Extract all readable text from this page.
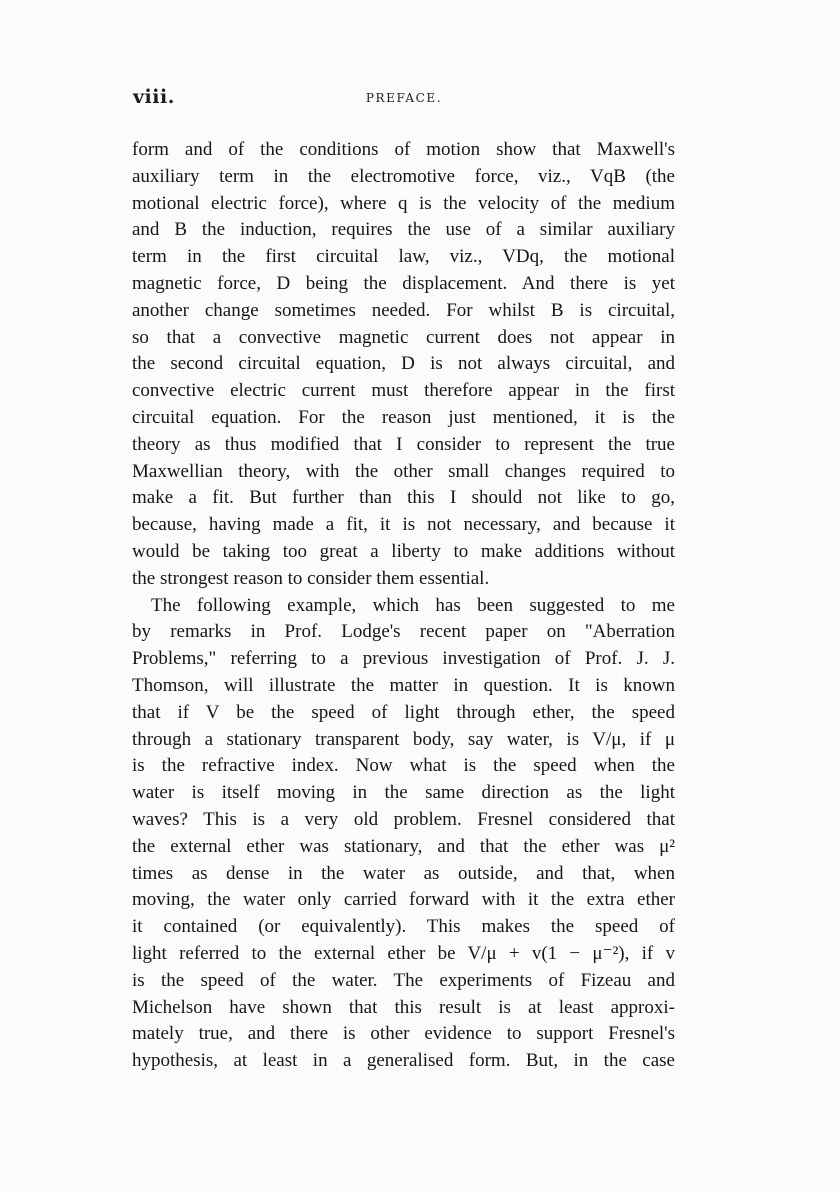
viii.	PREFACE.
form and of the conditions of motion show that Maxwell's
auxiliary term in the electromotive force, viz., VqB (the
motional electric force), where q is the velocity of the medium
and B the induction, requires the use of a similar auxiliary
term in the first circuital law, viz., VDq, the motional
magnetic force, D being the displacement. And there is yet
another change sometimes needed. For whilst B is circuital,
so that a convective magnetic current does not appear in
the second circuital equation, D is not always circuital, and
convective electric current must therefore appear in the first
circuital equation. For the reason just mentioned, it is the
theory as thus modified that I consider to represent the true
Maxwellian theory, with the other small changes required to
make a fit. But further than this I should not like to go,
because, having made a fit, it is not necessary, and because it
would be taking too great a liberty to make additions without
the strongest reason to consider them essential.
The following example, which has been suggested to me
by remarks in Prof. Lodge's recent paper on "Aberration
Problems," referring to a previous investigation of Prof. J. J.
Thomson, will illustrate the matter in question. It is known
that if V be the speed of light through ether, the speed
through a stationary transparent body, say water, is V/μ, if μ
is the refractive index. Now what is the speed when the
water is itself moving in the same direction as the light
waves? This is a very old problem. Fresnel considered that
the external ether was stationary, and that the ether was μ²
times as dense in the water as outside, and that, when
moving, the water only carried forward with it the extra ether
it contained (or equivalently). This makes the speed of
light referred to the external ether be V/μ + v(1 − μ⁻²), if v
is the speed of the water. The experiments of Fizeau and
Michelson have shown that this result is at least approxi-
mately true, and there is other evidence to support Fresnel's
hypothesis, at least in a generalised form. But, in the case
